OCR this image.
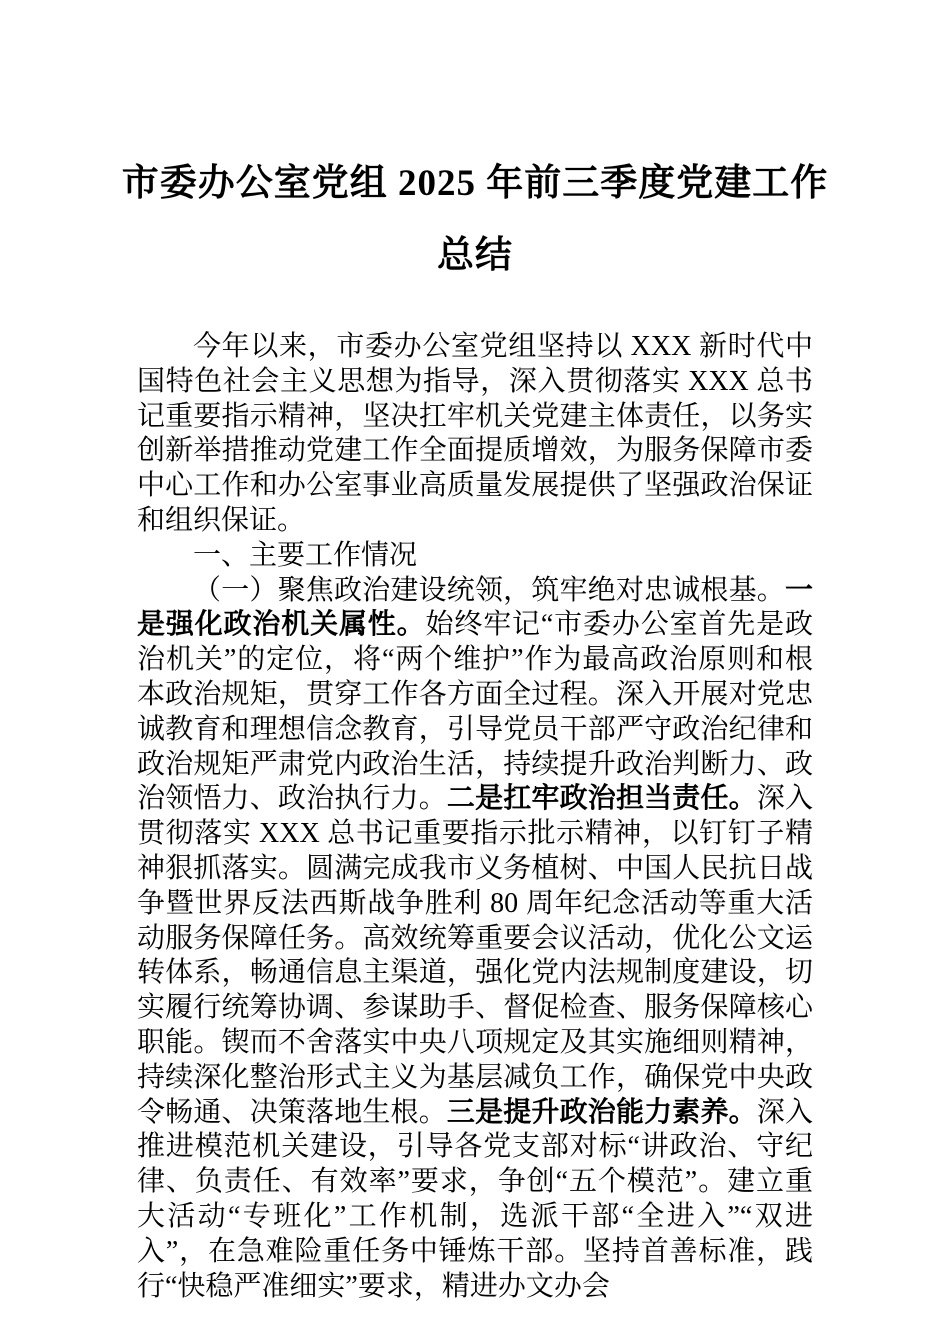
市委办公室党组 2025 年前三季度党建工作
总结

今年以来，市委办公室党组坚持以 XXX 新时代中国特色社会主义思想为指导，深入贯彻落实 XXX 总书记重要指示精神，坚决扛牢机关党建主体责任，以务实创新举措推动党建工作全面提质增效，为服务保障市委中心工作和办公室事业高质量发展提供了坚强政治保证和组织保证。

一、主要工作情况

（一）聚焦政治建设统领，筑牢绝对忠诚根基。一是强化政治机关属性。始终牢记“市委办公室首先是政治机关”的定位，将“两个维护”作为最高政治原则和根本政治规矩，贯穿工作各方面全过程。深入开展对党忠诚教育和理想信念教育，引导党员干部严守政治纪律和政治规矩严肃党内政治生活，持续提升政治判断力、政治领悟力、政治执行力。二是扛牢政治担当责任。深入贯彻落实 XXX 总书记重要指示批示精神，以钉钉子精神狠抓落实。圆满完成我市义务植树、中国人民抗日战争暨世界反法西斯战争胜利 80 周年纪念活动等重大活动服务保障任务。高效统筹重要会议活动，优化公文运转体系，畅通信息主渠道，强化党内法规制度建设，切实履行统筹协调、参谋助手、督促检查、服务保障核心职能。锲而不舍落实中央八项规定及其实施细则精神，持续深化整治形式主义为基层减负工作，确保党中央政令畅通、决策落地生根。三是提升政治能力素养。深入推进模范机关建设，引导各党支部对标“讲政治、守纪律、负责任、有效率”要求，争创“五个模范”。建立重大活动“专班化”工作机制，选派干部“全进入”“双进入”，在急难险重任务中锤炼干部。坚持首善标准，践行“快稳严准细实”要求，精进办文办会
